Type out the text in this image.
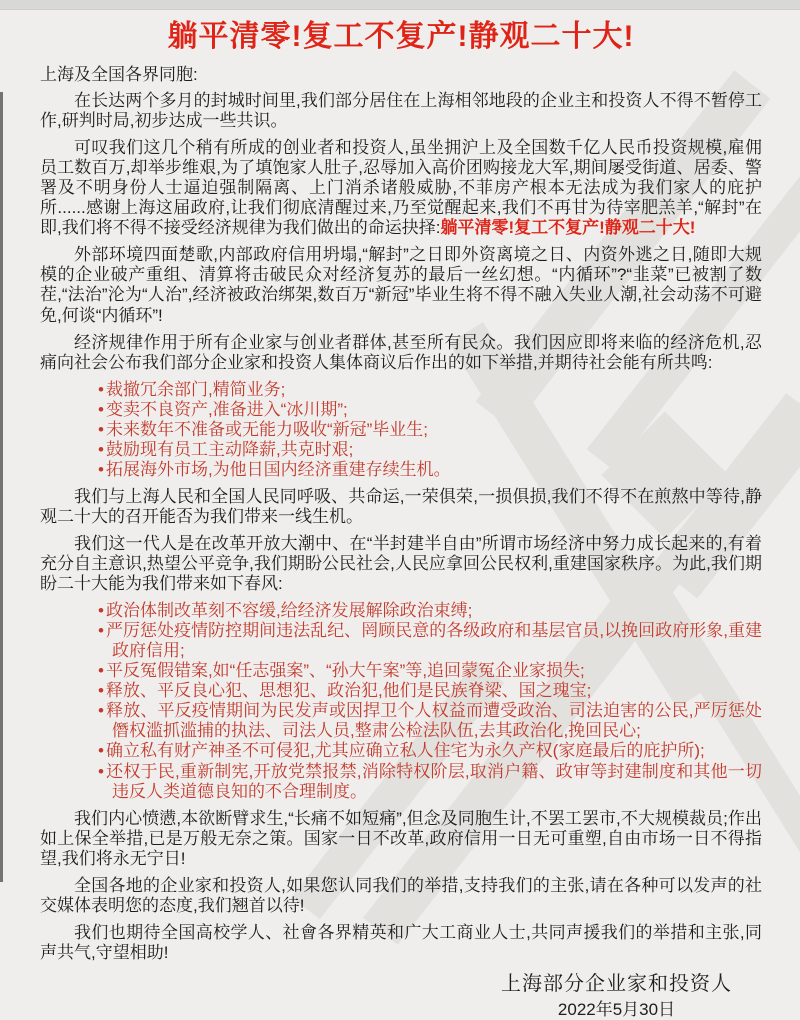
躺平清零!复工不复产!静观二十大!
上海及全国各界同胞:

在长达两个多月的封城时间里,我们部分居住在上海相邻地段的企业主和投资人不得不暂停工作,研判时局,初步达成一些共识。

可叹我们这几个稍有所成的创业者和投资人,虽坐拥沪上及全国数千亿人民币投资规模,雇佣员工数百万,却举步维艰,为了填饱家人肚子,忍辱加入高价团购接龙大军,期间屡受街道、居委、警署及不明身份人士逼迫强制隔离、上门消杀诸般威胁,不菲房产根本无法成为我们家人的庇护所......感谢上海这届政府,让我们彻底清醒过来,乃至觉醒起来,我们不再甘为待宰肥羔羊,“解封”在即,我们将不得不接受经济规律为我们做出的命运抉择:躺平清零!复工不复产!静观二十大!

外部环境四面楚歌,内部政府信用坍塌,“解封”之日即外资离境之日、内资外逃之日,随即大规模的企业破产重组、清算将击破民众对经济复苏的最后一丝幻想。“内循环”?“韭菜”已被割了数茬,“法治”沦为“人治”,经济被政治绑架,数百万“新冠”毕业生将不得不融入失业人潮,社会动荡不可避免,何谈“内循环”!

经济规律作用于所有企业家与创业者群体,甚至所有民众。我们因应即将来临的经济危机,忍痛向社会公布我们部分企业家和投资人集体商议后作出的如下举措,并期待社会能有所共鸣:

• 裁撤冗余部门,精简业务;
• 变卖不良资产,准备进入“冰川期”;
• 未来数年不准备或无能力吸收“新冠”毕业生;
• 鼓励现有员工主动降薪,共克时艰;
• 拓展海外市场,为他日国内经济重建存续生机。

我们与上海人民和全国人民同呼吸、共命运,一荣俱荣,一损俱损,我们不得不在煎熬中等待,静观二十大的召开能否为我们带来一线生机。

我们这一代人是在改革开放大潮中、在“半封建半自由”所谓市场经济中努力成长起来的,有着充分自主意识,热望公平竞争,我们期盼公民社会,人民应拿回公民权利,重建国家秩序。为此,我们期盼二十大能为我们带来如下春风:

• 政治体制改革刻不容缓,给经济发展解除政治束缚;
• 严厉惩处疫情防控期间违法乱纪、罔顾民意的各级政府和基层官员,以挽回政府形象,重建政府信用;
• 平反冤假错案,如“任志强案”、“孙大午案”等,追回蒙冤企业家损失;
• 释放、平反良心犯、思想犯、政治犯,他们是民族脊梁、国之瑰宝;
• 释放、平反疫情期间为民发声或因捍卫个人权益而遭受政治、司法迫害的公民,严厉惩处僭权滥抓滥捕的执法、司法人员,整肃公检法队伍,去其政治化,挽回民心;
• 确立私有财产神圣不可侵犯,尤其应确立私人住宅为永久产权(家庭最后的庇护所);
• 还权于民,重新制宪,开放党禁报禁,消除特权阶层,取消户籍、政审等封建制度和其他一切违反人类道德良知的不合理制度。

我们内心愤懑,本欲断臂求生,“长痛不如短痛”,但念及同胞生计,不罢工罢市,不大规模裁员;作出如上保全举措,已是万般无奈之策。国家一日不改革,政府信用一日无可重塑,自由市场一日不得指望,我们将永无宁日!

全国各地的企业家和投资人,如果您认同我们的举措,支持我们的主张,请在各种可以发声的社交媒体表明您的态度,我们翘首以待!

我们也期待全国高校学人、社會各界精英和广大工商业人士,共同声援我们的举措和主张,同声共气,守望相助!

上海部分企业家和投资人
2022年5月30日
